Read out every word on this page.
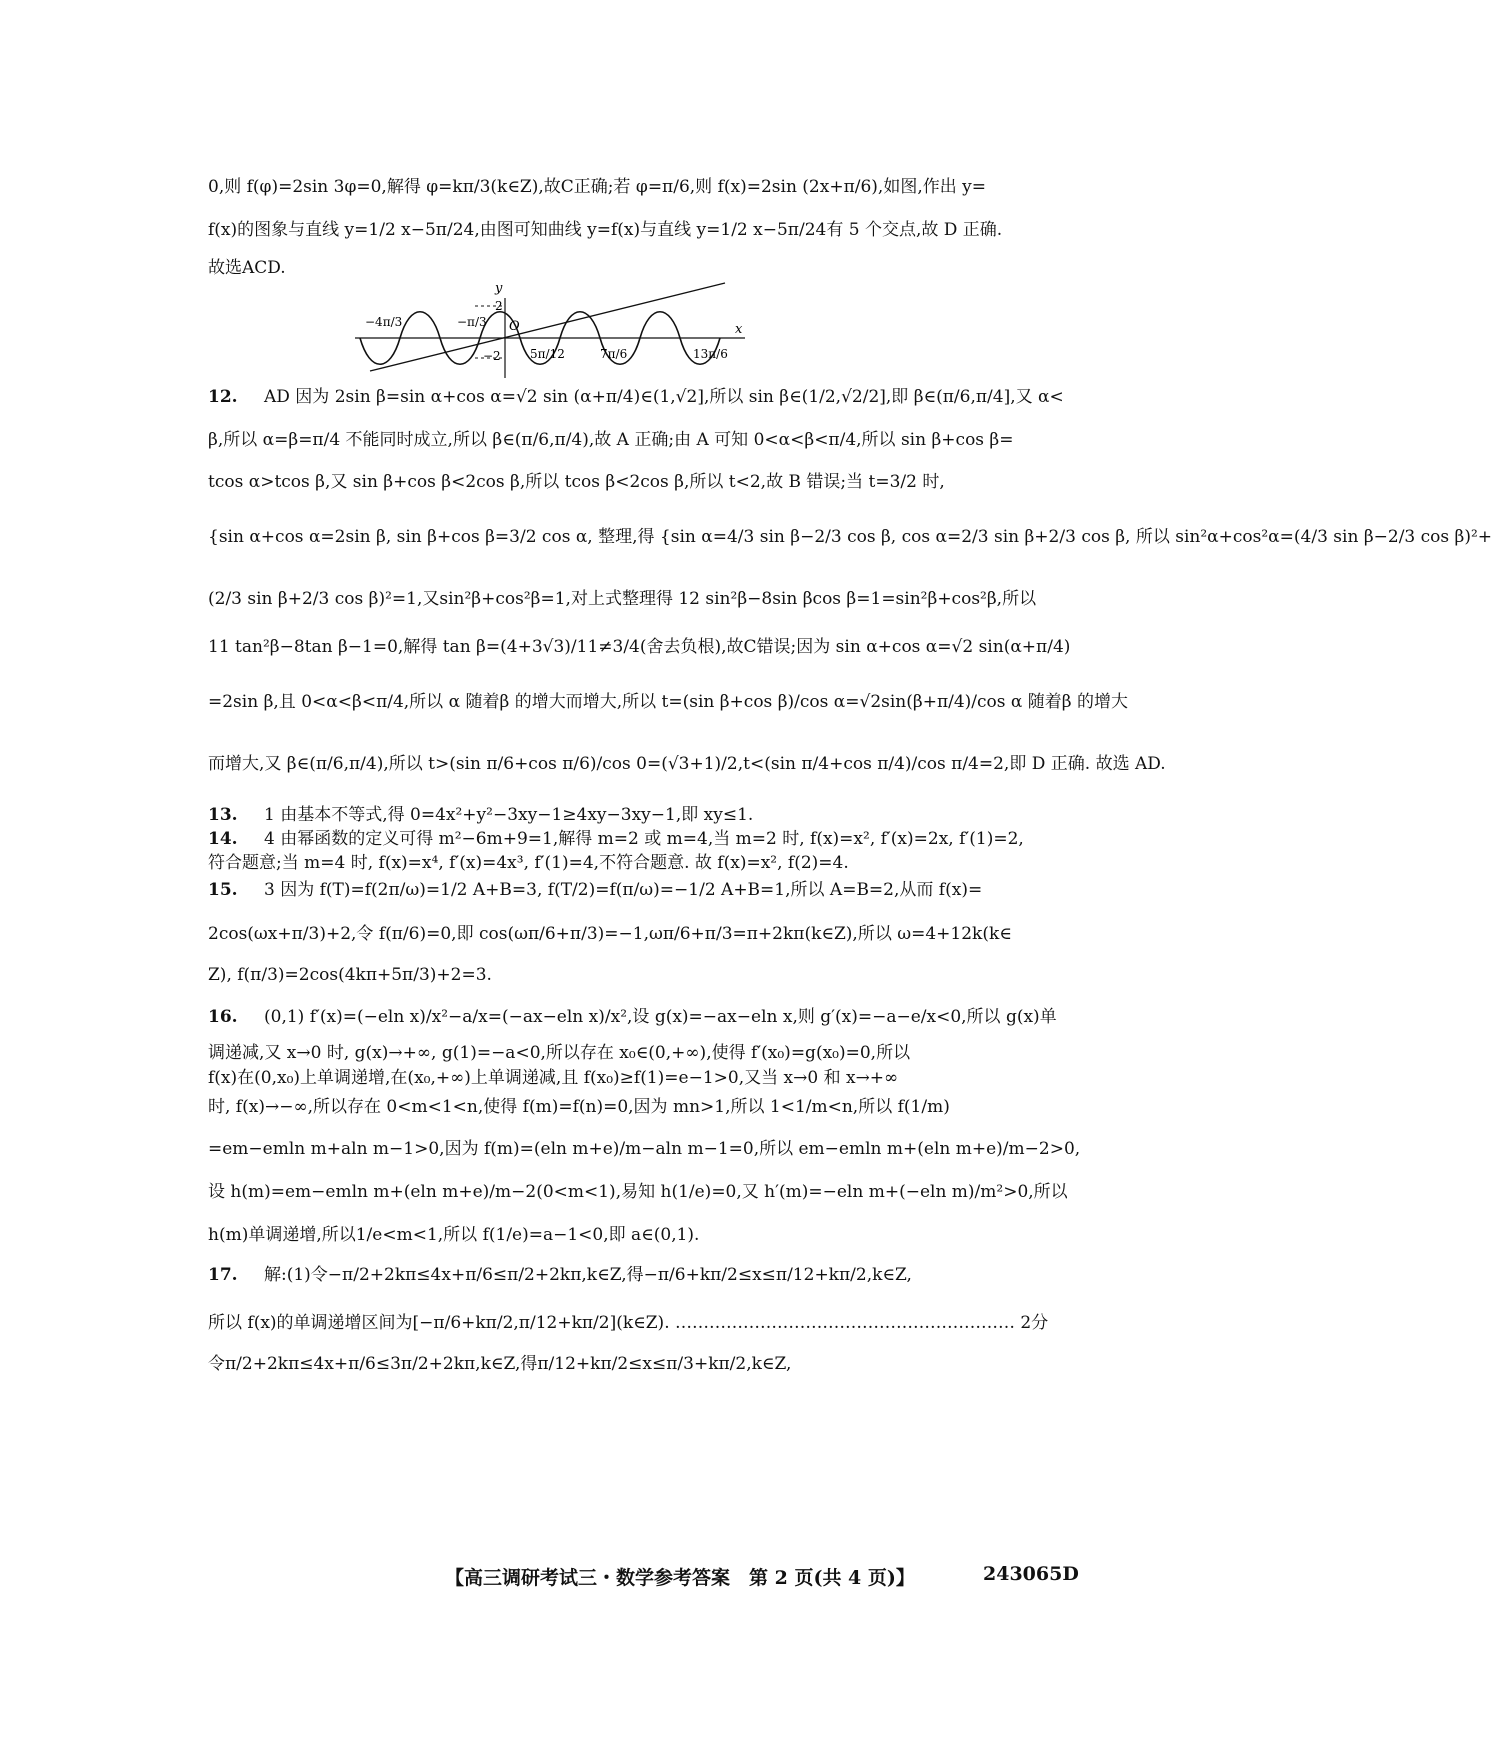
0,则 f(φ)=2sin 3φ=0,解得 φ=kπ/3(k∈Z),故C正确;若 φ=π/6,则 f(x)=2sin (2x+π/6),如图,作出 y=
f(x)的图象与直线 y=1/2 x−5π/24,由图可知曲线 y=f(x)与直线 y=1/2 x−5π/24有 5 个交点,故 D 正确.
故选ACD.
y
x
O
−4π/3	−π/3
2
−2 5π/12	7π/6	13π/6
12. AD 因为 2sin β=sin α+cos α=√2 sin (α+π/4)∈(1,√2],所以 sin β∈(1/2,√2/2],即 β∈(π/6,π/4],又 α<
β,所以 α=β=π/4 不能同时成立,所以 β∈(π/6,π/4),故 A 正确;由 A 可知 0<α<β<π/4,所以 sin β+cos β=
tcos α>tcos β,又 sin β+cos β<2cos β,所以 tcos β<2cos β,所以 t<2,故 B 错误;当 t=3/2 时,
{sin α+cos α=2sin β, sin β+cos β=3/2 cos α, 整理,得 {sin α=4/3 sin β−2/3 cos β, cos α=2/3 sin β+2/3 cos β, 所以 sin²α+cos²α=(4/3 sin β−2/3 cos β)²+
(2/3 sin β+2/3 cos β)²=1,又sin²β+cos²β=1,对上式整理得 12 sin²β−8sin βcos β=1=sin²β+cos²β,所以
11 tan²β−8tan β−1=0,解得 tan β=(4+3√3)/11≠3/4(舍去负根),故C错误;因为 sin α+cos α=√2 sin(α+π/4)
=2sin β,且 0<α<β<π/4,所以 α 随着β 的增大而增大,所以 t=(sin β+cos β)/cos α=√2sin(β+π/4)/cos α 随着β 的增大
而增大,又 β∈(π/6,π/4),所以 t>(sin π/6+cos π/6)/cos 0=(√3+1)/2,t<(sin π/4+cos π/4)/cos π/4=2,即 D 正确. 故选 AD.
13. 1 由基本不等式,得 0=4x²+y²−3xy−1≥4xy−3xy−1,即 xy≤1.
14. 4 由幂函数的定义可得 m²−6m+9=1,解得 m=2 或 m=4,当 m=2 时, f(x)=x², f′(x)=2x, f′(1)=2,
符合题意;当 m=4 时, f(x)=x⁴, f′(x)=4x³, f′(1)=4,不符合题意. 故 f(x)=x², f(2)=4.
15. 3 因为 f(T)=f(2π/ω)=1/2 A+B=3, f(T/2)=f(π/ω)=−1/2 A+B=1,所以 A=B=2,从而 f(x)=
2cos(ωx+π/3)+2,令 f(π/6)=0,即 cos(ωπ/6+π/3)=−1,ωπ/6+π/3=π+2kπ(k∈Z),所以 ω=4+12k(k∈
Z), f(π/3)=2cos(4kπ+5π/3)+2=3.
16. (0,1) f′(x)=(−eln x)/x²−a/x=(−ax−eln x)/x²,设 g(x)=−ax−eln x,则 g′(x)=−a−e/x<0,所以 g(x)单
调递减,又 x→0 时, g(x)→+∞, g(1)=−a<0,所以存在 x₀∈(0,+∞),使得 f′(x₀)=g(x₀)=0,所以
f(x)在(0,x₀)上单调递增,在(x₀,+∞)上单调递减,且 f(x₀)≥f(1)=e−1>0,又当 x→0 和 x→+∞
时, f(x)→−∞,所以存在 0<m<1<n,使得 f(m)=f(n)=0,因为 mn>1,所以 1<1/m<n,所以 f(1/m)
=em−emln m+aln m−1>0,因为 f(m)=(eln m+e)/m−aln m−1=0,所以 em−emln m+(eln m+e)/m−2>0,
设 h(m)=em−emln m+(eln m+e)/m−2(0<m<1),易知 h(1/e)=0,又 h′(m)=−eln m+(−eln m)/m²>0,所以
h(m)单调递增,所以1/e<m<1,所以 f(1/e)=a−1<0,即 a∈(0,1).
17. 解:(1)令−π/2+2kπ≤4x+π/6≤π/2+2kπ,k∈Z,得−π/6+kπ/2≤x≤π/12+kπ/2,k∈Z,
所以 f(x)的单调递增区间为[−π/6+kπ/2,π/12+kπ/2](k∈Z). …………………………………………………… 2分
令π/2+2kπ≤4x+π/6≤3π/2+2kπ,k∈Z,得π/12+kπ/2≤x≤π/3+kπ/2,k∈Z,
【高三调研考试三・数学参考答案　第 2 页(共 4 页)】	243065D
